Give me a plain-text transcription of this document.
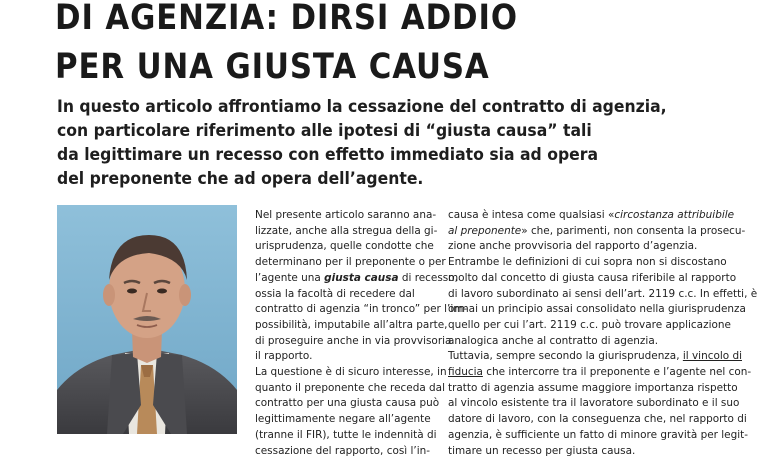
DI AGENZIA: DIRSI ADDIO
PER UNA GIUSTA CAUSA
In questo articolo affrontiamo la cessazione del contratto di agenzia,
con particolare riferimento alle ipotesi di “giusta causa” tali
da legittimare un recesso con effetto immediato sia ad opera
del preponente che ad opera dell’agente.
Nel presente articolo saranno ana-
lizzate, anche alla stregua della gi-
urisprudenza, quelle condotte che
determinano per il preponente o per
l’agente una giusta causa di recesso,
ossia la facoltà di recedere dal
contratto di agenzia “in tronco” per l’im-
possibilità, imputabile all’altra parte,
di proseguire anche in via provvisoria
il rapporto.
La questione è di sicuro interesse, in
quanto il preponente che receda dal
contratto per una giusta causa può
legittimamente negare all’agente
(tranne il FIR), tutte le indennità di
cessazione del rapporto, così l’in-
causa è intesa come qualsiasi «circostanza attribuibile
al preponente» che, parimenti, non consenta la prosecu-
zione anche provvisoria del rapporto d’agenzia.
Entrambe le definizioni di cui sopra non si discostano
molto dal concetto di giusta causa riferibile al rapporto
di lavoro subordinato ai sensi dell’art. 2119 c.c. In effetti, è
ormai un principio assai consolidato nella giurisprudenza
quello per cui l’art. 2119 c.c. può trovare applicazione
analogica anche al contratto di agenzia.
Tuttavia, sempre secondo la giurisprudenza, il vincolo di
fiducia che intercorre tra il preponente e l’agente nel con-
tratto di agenzia assume maggiore importanza rispetto
al vincolo esistente tra il lavoratore subordinato e il suo
datore di lavoro, con la conseguenza che, nel rapporto di
agenzia, è sufficiente un fatto di minore gravità per legit-
timare un recesso per giusta causa.
